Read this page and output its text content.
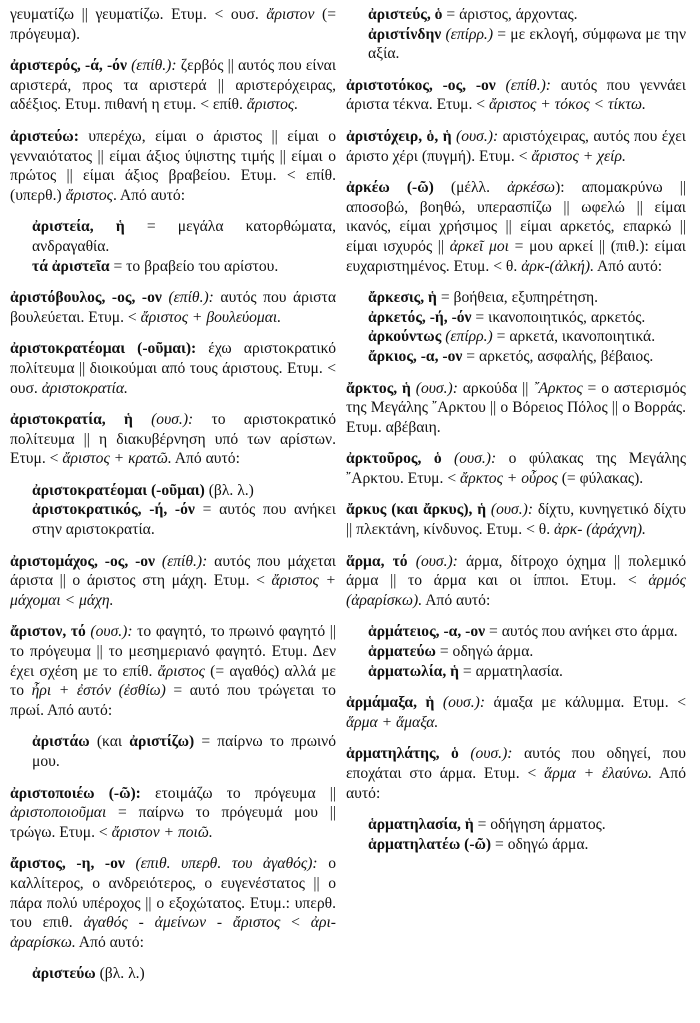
γευματίζω || γευματίζω. Ετυμ. < ουσ. ἄριστον (= πρόγευμα).
ἀριστερός, -ά, -όν (επίθ.): ζερβός || αυτός που είναι αριστερά, προς τα αριστερά || αριστερόχειρας, αδέξιος. Ετυμ. πιθανή η ετυμ. < επίθ. ἄριστος.
ἀριστεύω: υπερέχω, είμαι ο άριστος || είμαι ο γενναιότατος || είμαι άξιος ύψιστης τιμής || είμαι ο πρώτος || είμαι άξιος βραβείου. Ετυμ. < επίθ. (υπερθ.) ἄριστος. Από αυτό:
ἀριστεία, ἡ = μεγάλα κατορθώματα, ανδραγαθία.
τά ἀριστεῖα = το βραβείο του αρίστου.
ἀριστόβουλος, -ος, -ον (επίθ.): αυτός που άριστα βουλεύεται. Ετυμ. < ἄριστος + βουλεύομαι.
ἀριστοκρατέομαι (-οῦμαι): έχω αριστοκρατικό πολίτευμα || διοικούμαι από τους άριστους. Ετυμ. < ουσ. ἀριστοκρατία.
ἀριστοκρατία, ἡ (ουσ.): το αριστοκρατικό πολίτευμα || η διακυβέρνηση υπό των αρίστων. Ετυμ. < ἄριστος + κρατῶ. Από αυτό:
ἀριστοκρατέομαι (-οῦμαι) (βλ. λ.)
ἀριστοκρατικός, -ή, -όν = αυτός που ανήκει στην αριστοκρατία.
ἀριστομάχος, -ος, -ον (επίθ.): αυτός που μάχεται άριστα || ο άριστος στη μάχη. Ετυμ. < ἄριστος + μάχομαι < μάχη.
ἄριστον, τό (ουσ.): το φαγητό, το πρωινό φαγητό || το πρόγευμα || το μεσημεριανό φαγητό. Ετυμ. Δεν έχει σχέση με το επίθ. ἄριστος (= αγαθός) αλλά με το ἦρι + ἐστόν (ἐσθίω) = αυτό που τρώγεται το πρωί. Από αυτό:
ἀριστάω (και ἀριστίζω) = παίρνω το πρωινό μου.
ἀριστοποιέω (-ῶ): ετοιμάζω το πρόγευμα || ἀριστοποιοῦμαι = παίρνω το πρόγευμά μου || τρώγω. Ετυμ. < ἄριστον + ποιῶ.
ἄριστος, -η, -ον (επιθ. υπερθ. του ἀγαθός): ο καλλίτερος, ο ανδρειότερος, ο ευγενέστατος || ο πάρα πολύ υπέροχος || ο εξοχώτατος. Ετυμ.: υπερθ. του επιθ. ἀγαθός - ἀμείνων - ἄριστος < ἀρι-ἀραρίσκω. Από αυτό:
ἀριστεύω (βλ. λ.)
ἀριστεύς, ὁ = άριστος, άρχοντας.
ἀριστίνδην (επίρρ.) = με εκλογή, σύμφωνα με την αξία.
ἀριστοτόκος, -ος, -ον (επίθ.): αυτός που γεννάει άριστα τέκνα. Ετυμ. < ἄριστος + τόκος < τίκτω.
ἀριστόχειρ, ὁ, ἡ (ουσ.): αριστόχειρας, αυτός που έχει άριστο χέρι (πυγμή). Ετυμ. < ἄριστος + χείρ.
ἀρκέω (-ῶ) (μέλλ. ἀρκέσω): απομακρύνω || αποσοβώ, βοηθώ, υπερασπίζω || ωφελώ || είμαι ικανός, είμαι χρήσιμος || είμαι αρκετός, επαρκώ || είμαι ισχυρός || ἀρκεῖ μοι = μου αρκεί || (πιθ.): είμαι ευχαριστημένος. Ετυμ. < θ. ἀρκ-(ἀλκή). Από αυτό:
ἄρκεσις, ἡ = βοήθεια, εξυπηρέτηση.
ἀρκετός, -ή, -όν = ικανοποιητικός, αρκετός.
ἀρκούντως (επίρρ.) = αρκετά, ικανοποιητικά.
ἄρκιος, -α, -ον = αρκετός, ασφαλής, βέβαιος.
ἄρκτος, ἡ (ουσ.): αρκούδα || ῎Αρκτος = ο αστερισμός της Μεγάλης ῎Αρκτου || ο Βόρειος Πόλος || ο Βορράς. Ετυμ. αβέβαιη.
ἀρκτοῦρος, ὁ (ουσ.): ο φύλακας της Μεγάλης ῎Αρκτου. Ετυμ. < ἄρκτος + οὖρος (= φύλακας).
ἄρκυς (και ἄρκυς), ἡ (ουσ.): δίχτυ, κυνηγετικό δίχτυ || πλεκτάνη, κίνδυνος. Ετυμ. < θ. ἀρκ- (ἀράχνη).
ἅρμα, τό (ουσ.): άρμα, δίτροχο όχημα || πολεμικό άρμα || το άρμα και οι ίπποι. Ετυμ. < ἁρμός (ἀραρίσκω). Από αυτό:
ἁρμάτειος, -α, -ον = αυτός που ανήκει στο άρμα.
ἁρματεύω = οδηγώ άρμα.
ἁρματωλία, ἡ = αρματηλασία.
ἁρμάμαξα, ἡ (ουσ.): άμαξα με κάλυμμα. Ετυμ. < ἅρμα + ἅμαξα.
ἁρματηλάτης, ὁ (ουσ.): αυτός που οδηγεί, που εποχάται στο άρμα. Ετυμ. < ἅρμα + ἐλαύνω. Από αυτό:
ἁρματηλασία, ἡ = οδήγηση άρματος.
ἁρματηλατέω (-ῶ) = οδηγώ άρμα.
